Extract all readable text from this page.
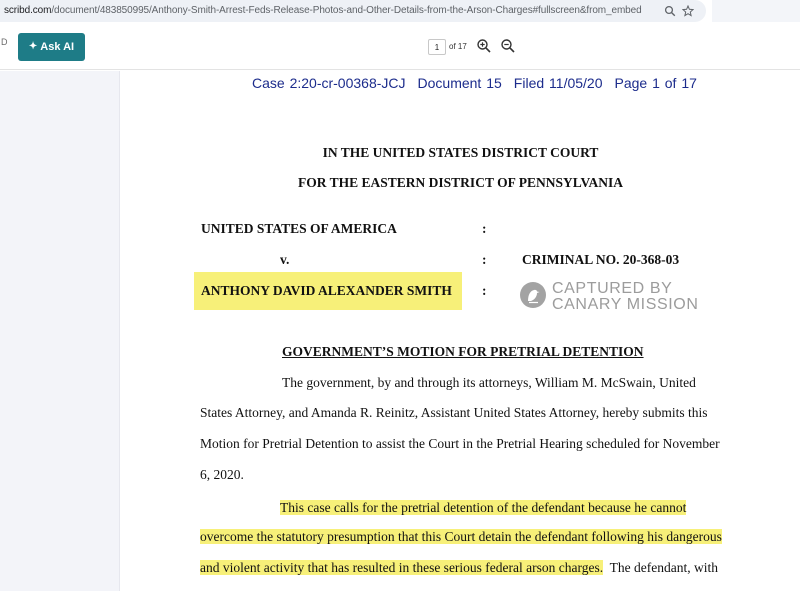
scribd.com/document/483850995/Anthony-Smith-Arrest-Feds-Release-Photos-and-Other-Details-from-the-Arson-Charges#fullscreen&from_embed
D ✦ Ask AI
1	of 17
Case 2:20-cr-00368-JCJ Document 15 Filed 11/05/20 Page 1 of 17
IN THE UNITED STATES DISTRICT COURT
FOR THE EASTERN DISTRICT OF PENNSYLVANIA
UNITED STATES OF AMERICA	:
v.	:	CRIMINAL NO. 20-368-03
ANTHONY DAVID ALEXANDER SMITH :	CAPTURED BY
CANARY MISSION
GOVERNMENT’S MOTION FOR PRETRIAL DETENTION
The government, by and through its attorneys, William M. McSwain, United
States Attorney, and Amanda R. Reinitz, Assistant United States Attorney, hereby submits this
Motion for Pretrial Detention to assist the Court in the Pretrial Hearing scheduled for November
6, 2020.
This case calls for the pretrial detention of the defendant because he cannot
overcome the statutory presumption that this Court detain the defendant following his dangerous
and violent activity that has resulted in these serious federal arson charges. The defendant, with
